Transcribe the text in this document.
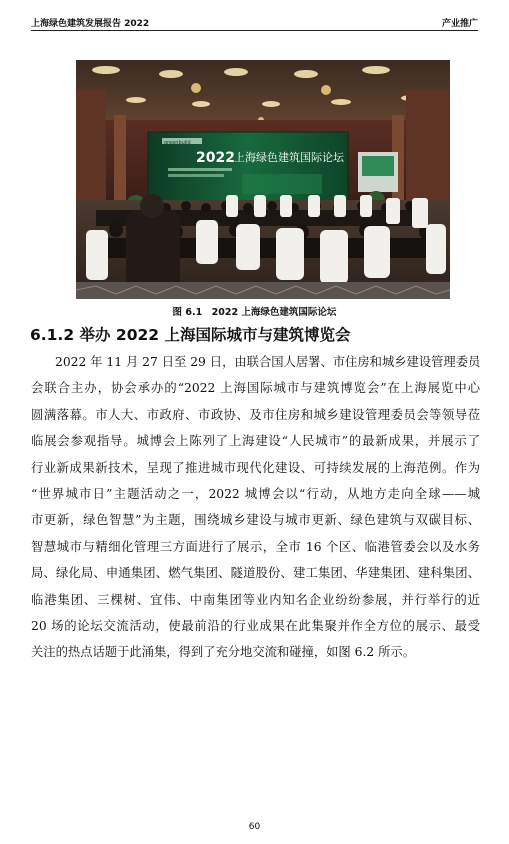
上海绿色建筑发展报告 2022	产业推广
greenbuild
2022 上海绿色建筑国际论坛
图 6.1　2022 上海绿色建筑国际论坛
6.1.2 举办 2022 上海国际城市与建筑博览会
2022 年 11 月 27 日至 29 日，由联合国人居署、市住房和城乡建设管理委员
会联合主办，协会承办的“2022 上海国际城市与建筑博览会”在上海展览中心
圆满落幕。市人大、市政府、市政协、及市住房和城乡建设管理委员会等领导莅
临展会参观指导。城博会上陈列了上海建设“人民城市”的最新成果，并展示了
行业新成果新技术，呈现了推进城市现代化建设、可持续发展的上海范例。作为
“世界城市日”主题活动之一，2022 城博会以“行动，从地方走向全球——城
市更新，绿色智慧”为主题，围绕城乡建设与城市更新、绿色建筑与双碳目标、
智慧城市与精细化管理三方面进行了展示，全市 16 个区、临港管委会以及水务
局、绿化局、申通集团、燃气集团、隧道股份、建工集团、华建集团、建科集团、
临港集团、三棵树、宜伟、中南集团等业内知名企业纷纷参展，并行举行的近
20 场的论坛交流活动，使最前沿的行业成果在此集聚并作全方位的展示、最受
关注的热点话题于此涌集，得到了充分地交流和碰撞，如图 6.2 所示。
60
